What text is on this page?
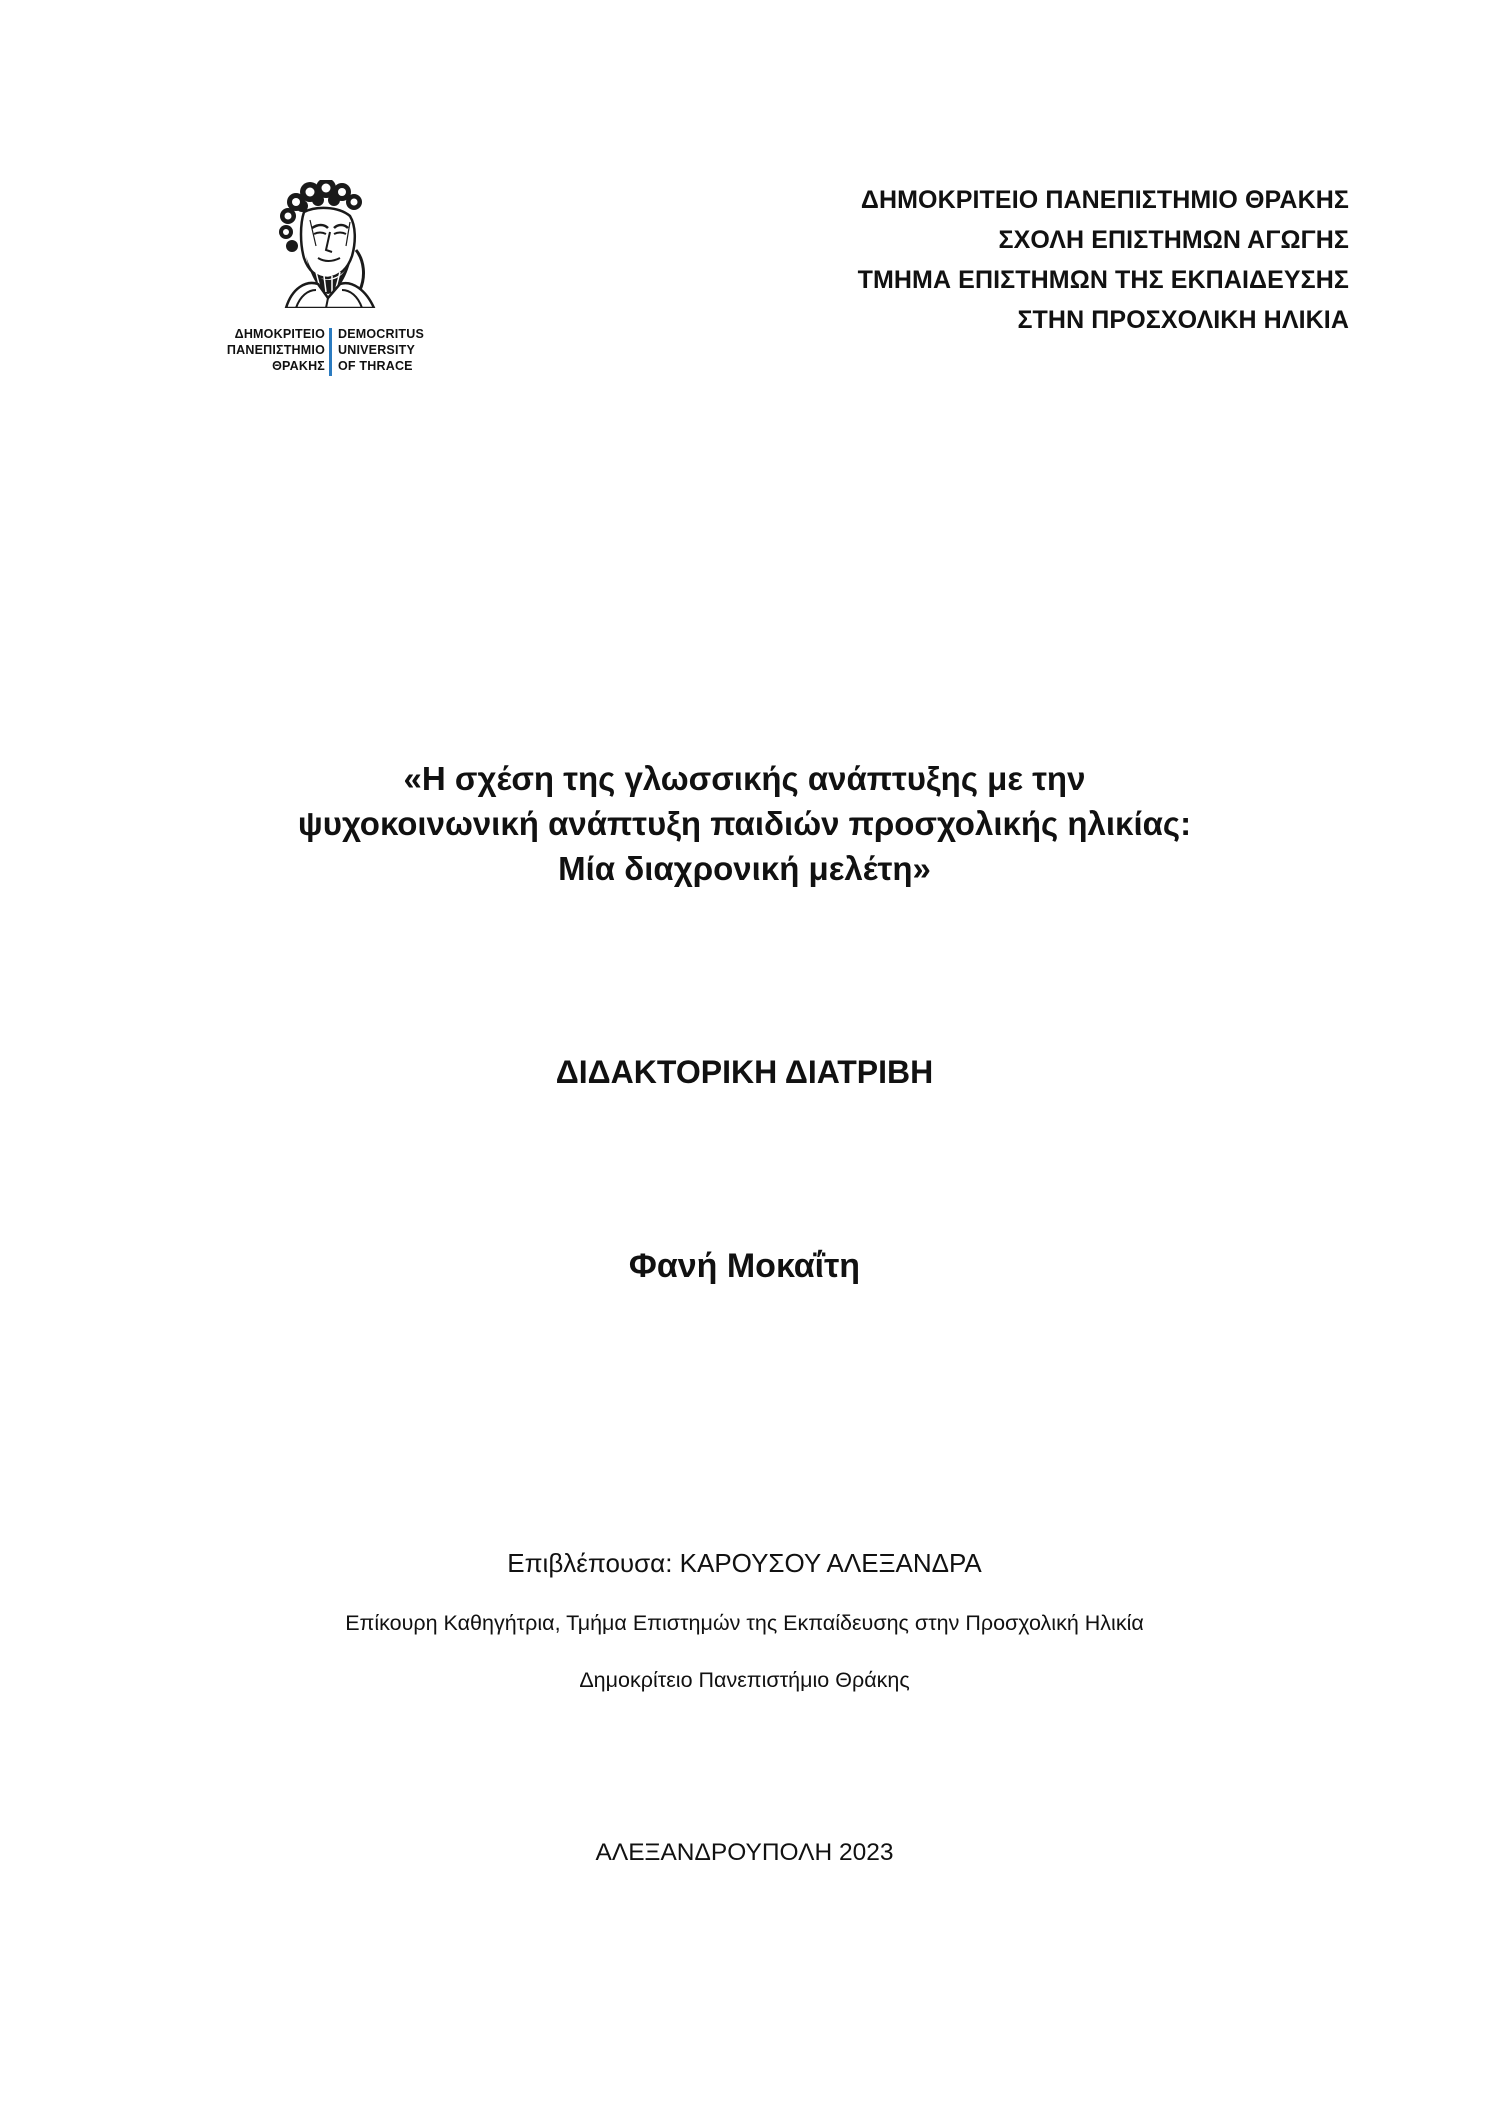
ΔΗΜΟΚΡΙΤΕΙΟ
ΠΑΝΕΠΙΣΤΗΜΙΟ
ΘΡΑΚΗΣ
DEMOCRITUS
UNIVERSITY
OF THRACE
ΔΗΜΟΚΡΙΤΕΙΟ ΠΑΝΕΠΙΣΤΗΜΙΟ ΘΡΑΚΗΣ
ΣΧΟΛΗ ΕΠΙΣΤΗΜΩΝ ΑΓΩΓΗΣ
ΤΜΗΜΑ ΕΠΙΣΤΗΜΩΝ ΤΗΣ ΕΚΠΑΙΔΕΥΣΗΣ
ΣΤΗΝ ΠΡΟΣΧΟΛΙΚΗ ΗΛΙΚΙΑ
«Η σχέση της γλωσσικής ανάπτυξης με την
ψυχοκοινωνική ανάπτυξη παιδιών προσχολικής ηλικίας:
Μία διαχρονική μελέτη»
ΔΙΔΑΚΤΟΡΙΚΗ ΔΙΑΤΡΙΒΗ
Φανή Μοκαΐτη
Επιβλέπουσα: ΚΑΡΟΥΣΟΥ ΑΛΕΞΑΝΔΡΑ
Επίκουρη Καθηγήτρια, Τμήμα Επιστημών της Εκπαίδευσης στην Προσχολική Ηλικία
Δημοκρίτειο Πανεπιστήμιο Θράκης
ΑΛΕΞΑΝΔΡΟΥΠΟΛΗ 2023
